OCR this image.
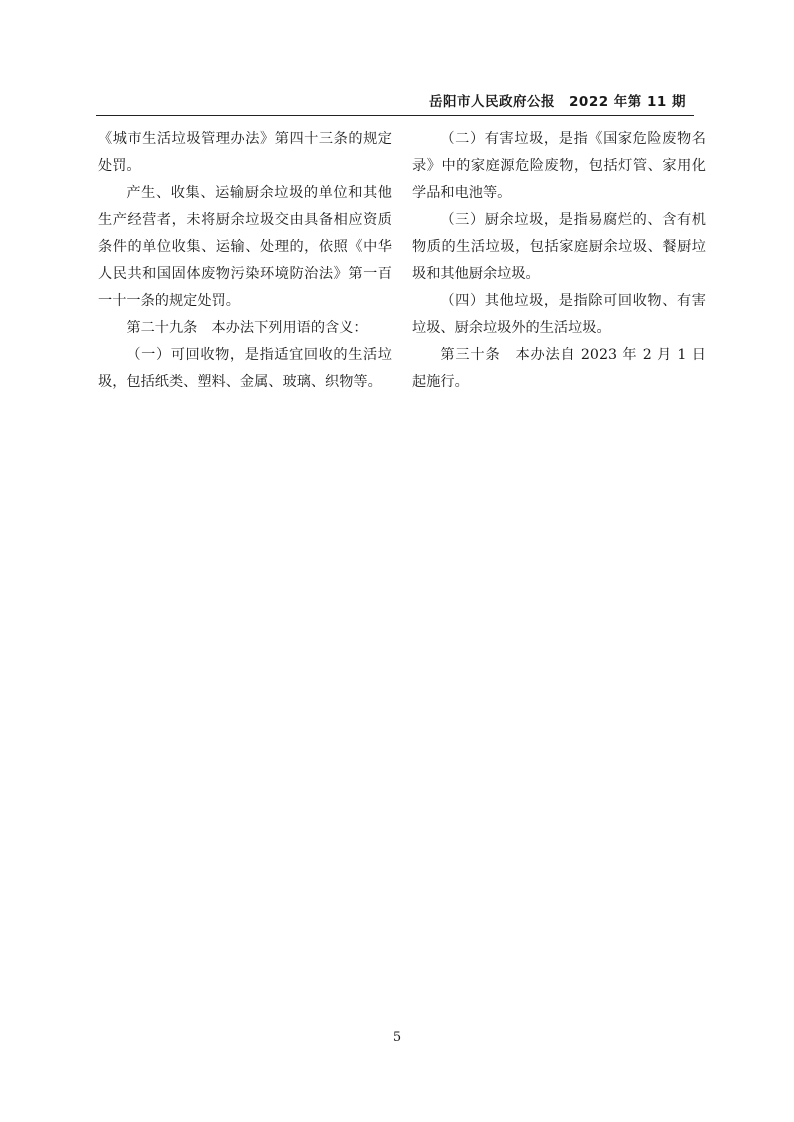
岳阳市人民政府公报 2022 年第 11 期

《城市生活垃圾管理办法》第四十三条的规定处罚。

产生、收集、运输厨余垃圾的单位和其他生产经营者，未将厨余垃圾交由具备相应资质条件的单位收集、运输、处理的，依照《中华人民共和国固体废物污染环境防治法》第一百一十一条的规定处罚。

第二十九条　本办法下列用语的含义：

（一）可回收物，是指适宜回收的生活垃圾，包括纸类、塑料、金属、玻璃、织物等。

（二）有害垃圾，是指《国家危险废物名录》中的家庭源危险废物，包括灯管、家用化学品和电池等。

（三）厨余垃圾，是指易腐烂的、含有机物质的生活垃圾，包括家庭厨余垃圾、餐厨垃圾和其他厨余垃圾。

（四）其他垃圾，是指除可回收物、有害垃圾、厨余垃圾外的生活垃圾。

第三十条　本办法自 2023 年 2 月 1 日起施行。

5
